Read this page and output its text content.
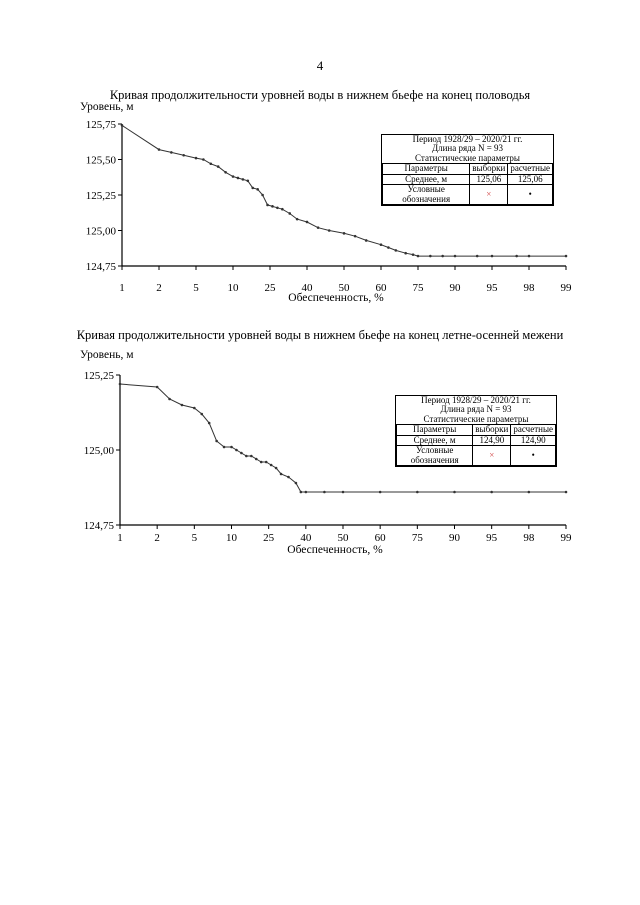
4
Кривая продолжительности уровней воды в нижнем бьефе на конец половодья
Уровень, м
Кривая продолжительности уровней воды в нижнем бьефе на конец летне-осенней межени
Уровень, м
125,75
125,50
125,25
125,00
124,75
1	2	5	10 25 40 50 60 75 90 95 98 99
Обеспеченность, %
125,25
125,00
124,75
1	2	5	10 25 40 50 60 75 90 95 98 99
Обеспеченность, %
Период 1928/29 – 2020/21 гг.
Длина ряда N = 93
Статистические параметры
Параметры	выборки	расчетные
Среднее, м	125,06	125,06
Условные обозначения	×	•
Период 1928/29 – 2020/21 гг.
Длина ряда N = 93
Статистические параметры
Параметры	выборки	расчетные
Среднее, м	124,90	124,90
Условные обозначения	×	•
